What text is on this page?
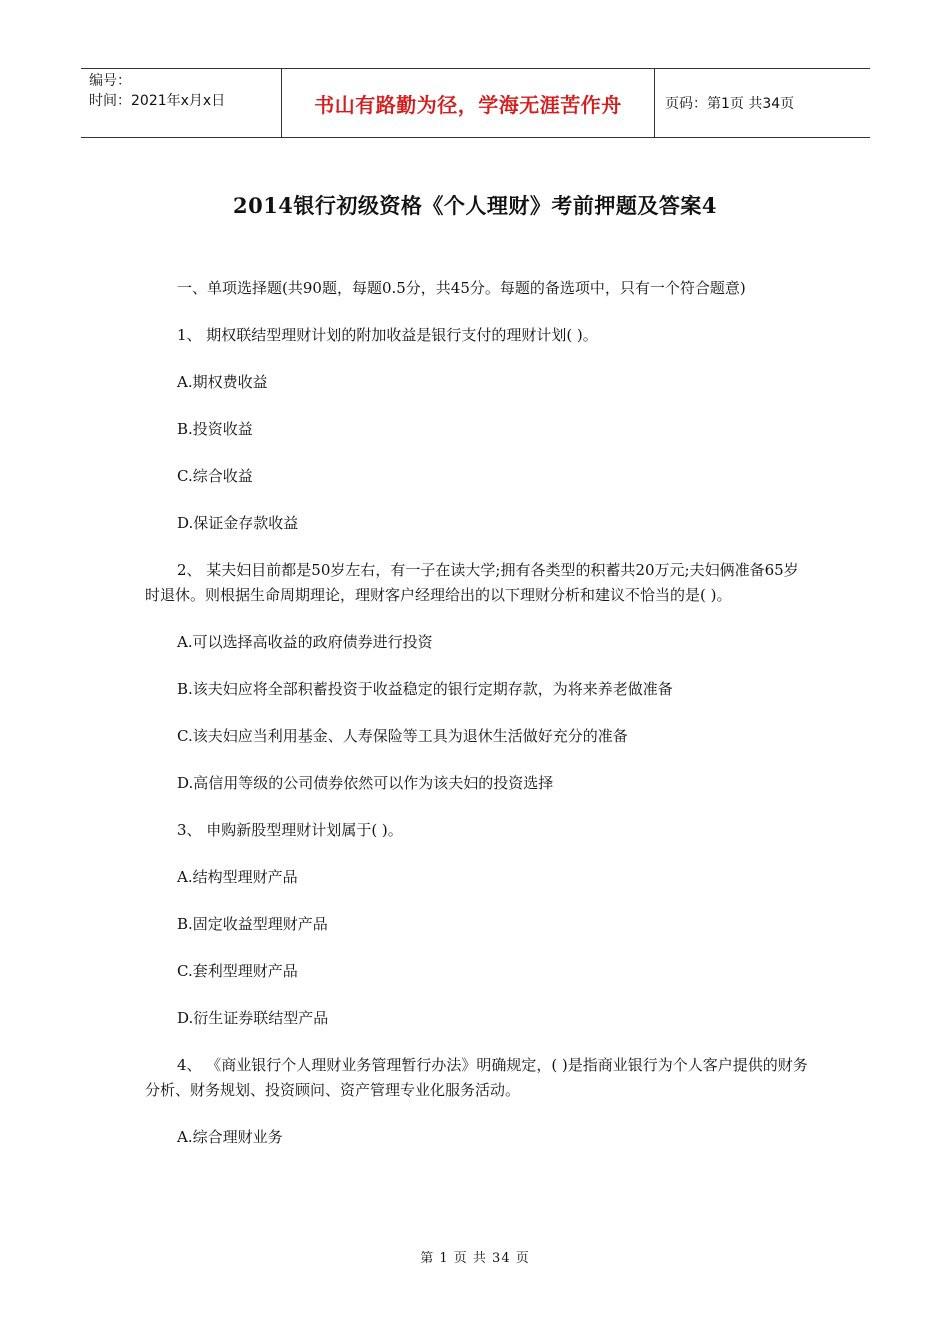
编号：
时间：2021年x月x日	书山有路勤为径，学海无涯苦作舟	页码：第1页 共34页
2014银行初级资格《个人理财》考前押题及答案4

一、单项选择题(共90题，每题0.5分，共45分。每题的备选项中，只有一个符合题意)

1、 期权联结型理财计划的附加收益是银行支付的理财计划( )。

A.期权费收益

B.投资收益

C.综合收益

D.保证金存款收益

2、 某夫妇目前都是50岁左右，有一子在读大学;拥有各类型的积蓄共20万元;夫妇俩准备65岁时退休。则根据生命周期理论，理财客户经理给出的以下理财分析和建议不恰当的是( )。

A.可以选择高收益的政府债券进行投资

B.该夫妇应将全部积蓄投资于收益稳定的银行定期存款，为将来养老做准备

C.该夫妇应当利用基金、人寿保险等工具为退休生活做好充分的准备

D.高信用等级的公司债券依然可以作为该夫妇的投资选择

3、 申购新股型理财计划属于( )。

A.结构型理财产品

B.固定收益型理财产品

C.套利型理财产品

D.衍生证券联结型产品

4、 《商业银行个人理财业务管理暂行办法》明确规定，( )是指商业银行为个人客户提供的财务分析、财务规划、投资顾问、资产管理专业化服务活动。

A.综合理财业务

第 1 页 共 34 页
